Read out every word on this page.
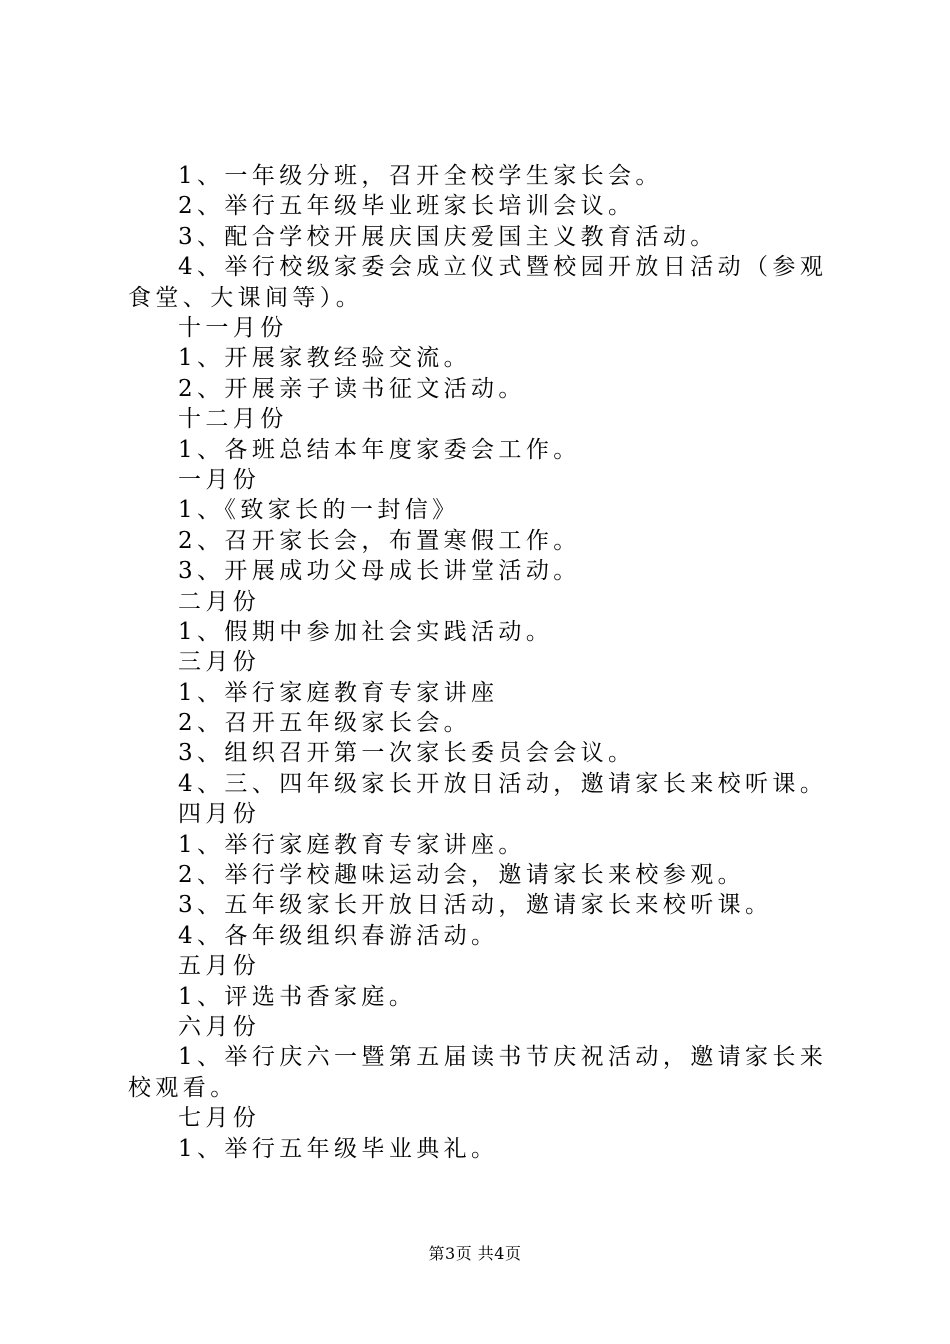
1、一年级分班，召开全校学生家长会。
2、举行五年级毕业班家长培训会议。
3、配合学校开展庆国庆爱国主义教育活动。
4、举行校级家委会成立仪式暨校园开放日活动（参观食堂、大课间等）。
十一月份
1、开展家教经验交流。
2、开展亲子读书征文活动。
十二月份
1、各班总结本年度家委会工作。
一月份
1、《致家长的一封信》
2、召开家长会，布置寒假工作。
3、开展成功父母成长讲堂活动。
二月份
1、假期中参加社会实践活动。
三月份
1、举行家庭教育专家讲座
2、召开五年级家长会。
3、组织召开第一次家长委员会会议。
4、三、四年级家长开放日活动，邀请家长来校听课。
四月份
1、举行家庭教育专家讲座。
2、举行学校趣味运动会，邀请家长来校参观。
3、五年级家长开放日活动，邀请家长来校听课。
4、各年级组织春游活动。
五月份
1、评选书香家庭。
六月份
1、举行庆六一暨第五届读书节庆祝活动，邀请家长来校观看。
七月份
1、举行五年级毕业典礼。
第3页 共4页
